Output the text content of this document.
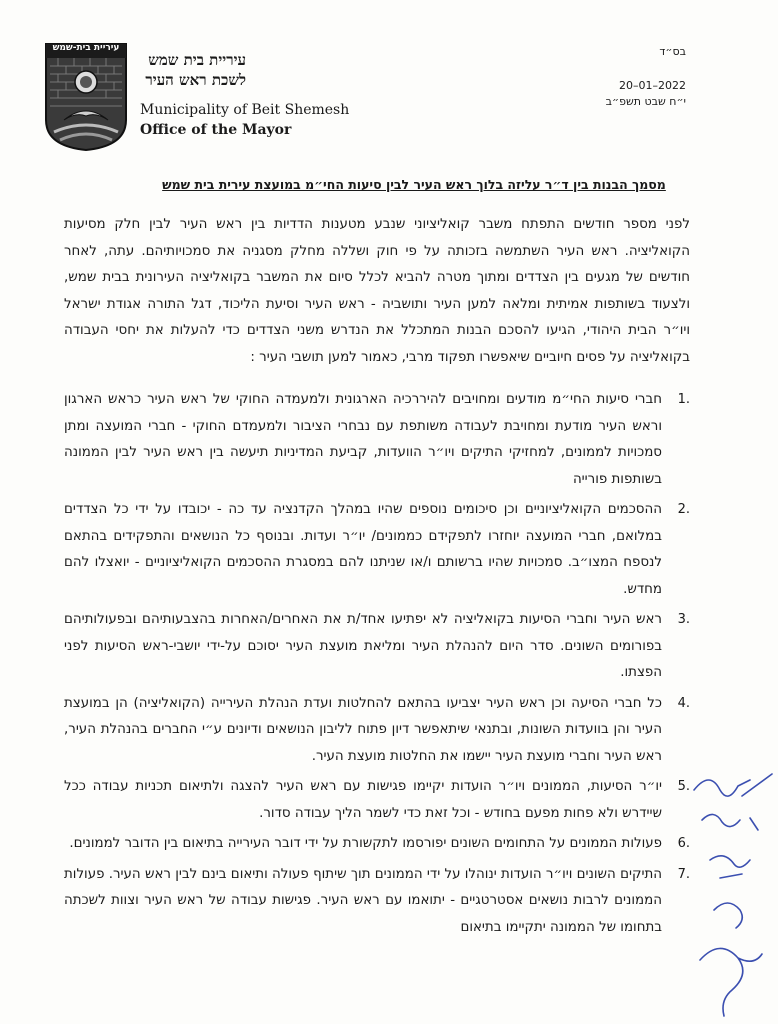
עיריית בית-שמש
עיריית בית שמש
לשכת ראש העיר
Municipality of Beit Shemesh
Office of the Mayor
בס״ד
20–01–2022
י״ח שבט תשפ״ב
מסמך הבנות בין ד״ר עליזה בלוך ראש העיר לבין סיעות החי״מ במועצת עירית בית שמש

לפני מספר חודשים התפתח משבר קואליציוני שנבע מטענות הדדיות בין ראש העיר לבין חלק מסיעות הקואליציה. ראש העיר השתמשה בזכותה על פי חוק ושללה מחלק מסגניה את סמכויותיהם. עתה, לאחר חודשים של מגעים בין הצדדים ומתוך מטרה להביא לכלל סיום את המשבר בקואליציה העירונית בבית שמש, ולצעוד בשותפות אמיתית ומלאה למען העיר ותושביה - ראש העיר וסיעת הליכוד, דגל התורה אגודת ישראל ויו״ר הבית היהודי, הגיעו להסכם הבנות המתכלל את הנדרש משני הצדדים כדי להעלות את יחסי העבודה בקואליציה על פסים חיוביים שיאפשרו תפקוד מרבי, כאמור למען תושבי העיר :

1.
חברי סיעות החי״מ מודעים ומחויבים להיררכיה הארגונית ולמעמדה החוקי של ראש העיר כראש הארגון וראש העיר מודעת ומחויבת לעבודה משותפת עם נבחרי הציבור ולמעמדם החוקי - חברי המועצה ומתן סמכויות לממונים, למחזיקי התיקים ויו״ר הוועדות, קביעת המדיניות תיעשה בין ראש העיר לבין הממונה בשותפות פורייה
2.
ההסכמים הקואליציוניים וכן סיכומים נוספים שהיו במהלך הקדנציה עד כה - יכובדו על ידי כל הצדדים במלואם, חברי המועצה יוחזרו לתפקידם כממונים/ יו״ר ועדות. ובנוסף כל הנושאים והתפקידים בהתאם לנספח המצו״ב. סמכויות שהיו ברשותם ו/או שניתנו להם במסגרת ההסכמים הקואליציוניים - יואצלו להם מחדש.
3.
ראש העיר וחברי הסיעות בקואליציה לא יפתיעו אחד/ת את האחרים/האחרות בהצבעותיהם ובפעולותיהם בפורומים השונים. סדר היום להנהלת העיר ומליאת מועצת העיר יסוכם על-ידי יושבי-ראש הסיעות לפני הפצתו.
4.
כל חברי הסיעה וכן ראש העיר יצביעו בהתאם להחלטות ועדת הנהלת העירייה (הקואליציה) הן במועצת העיר והן בוועדות השונות, ובתנאי שיתאפשר דיון פתוח לליבון הנושאים ודיונים ע״י החברים בהנהלת העיר, ראש העיר וחברי מועצת העיר יישמו את החלטות מועצת העיר.
5.
יו״ר הסיעות, הממונים ויו״ר הועדות יקיימו פגישות עם ראש העיר להצגה ולתיאום תכניות עבודה ככל שיידרש ולא פחות מפעם בחודש - וכל זאת כדי לשמר הליך עבודה סדור.
6.
פעולות הממונים על התחומים השונים יפורסמו לתקשורת על ידי דובר העירייה בתיאום בין הדובר לממונים.
7.
התיקים השונים ויו״ר הועדות ינוהלו על ידי הממונים תוך שיתוף פעולה ותיאום בינם לבין ראש העיר. פעולות הממונים לרבות נושאים אסטרטגיים - יתואמו עם ראש העיר. פגישות עבודה של ראש העיר וצוות לשכתה בתחומו של הממונה יתקיימו בתיאום
